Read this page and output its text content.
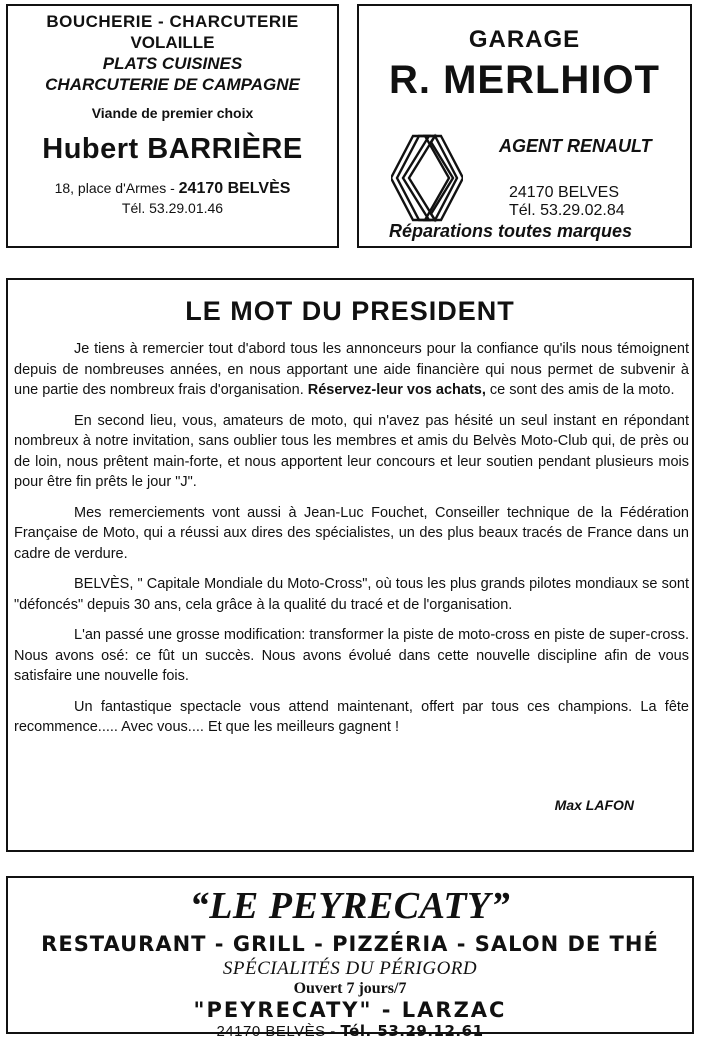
BOUCHERIE - CHARCUTERIE
VOLAILLE
PLATS CUISINES
CHARCUTERIE DE CAMPAGNE
Viande de premier choix
Hubert BARRIÈRE
18, place d'Armes - 24170 BELVÈS
Tél. 53.29.01.46
GARAGE
R. MERLHIOT
AGENT RENAULT
24170 BELVES
Tél. 53.29.02.84
Réparations toutes marques
LE MOT DU PRESIDENT

Je tiens à remercier tout d'abord tous les annonceurs pour la confiance qu'ils nous témoignent depuis de nombreuses années, en nous apportant une aide financière qui nous permet de subvenir à une partie des nombreux frais d'organisation. Réservez-leur vos achats, ce sont des amis de la moto.

En second lieu, vous, amateurs de moto, qui n'avez pas hésité un seul instant en répondant nombreux à notre invitation, sans oublier tous les membres et amis du Belvès Moto-Club qui, de près ou de loin, nous prêtent main-forte, et nous apportent leur concours et leur soutien pendant plusieurs mois pour être fin prêts le jour "J".

Mes remerciements vont aussi à Jean-Luc Fouchet, Conseiller technique de la Fédération Française de Moto, qui a réussi aux dires des spécialistes, un des plus beaux tracés de France dans un cadre de verdure.

BELVÈS, " Capitale Mondiale du Moto-Cross", où tous les plus grands pilotes mondiaux se sont "défoncés" depuis 30 ans, cela grâce à la qualité du tracé et de l'organisation.

L'an passé une grosse modification: transformer la piste de moto-cross en piste de super-cross. Nous avons osé: ce fût un succès. Nous avons évolué dans cette nouvelle discipline afin de vous satisfaire une nouvelle fois.

Un fantastique spectacle vous attend maintenant, offert par tous ces champions. La fête recommence..... Avec vous.... Et que les meilleurs gagnent !

Max LAFON
“LE PEYRECATY”
RESTAURANT - GRILL - PIZZÉRIA - SALON DE THÉ
SPÉCIALITÉS DU PÉRIGORD
Ouvert 7 jours/7
"PEYRECATY" - LARZAC
24170 BELVÈS - Tél. 53.29.12.61
